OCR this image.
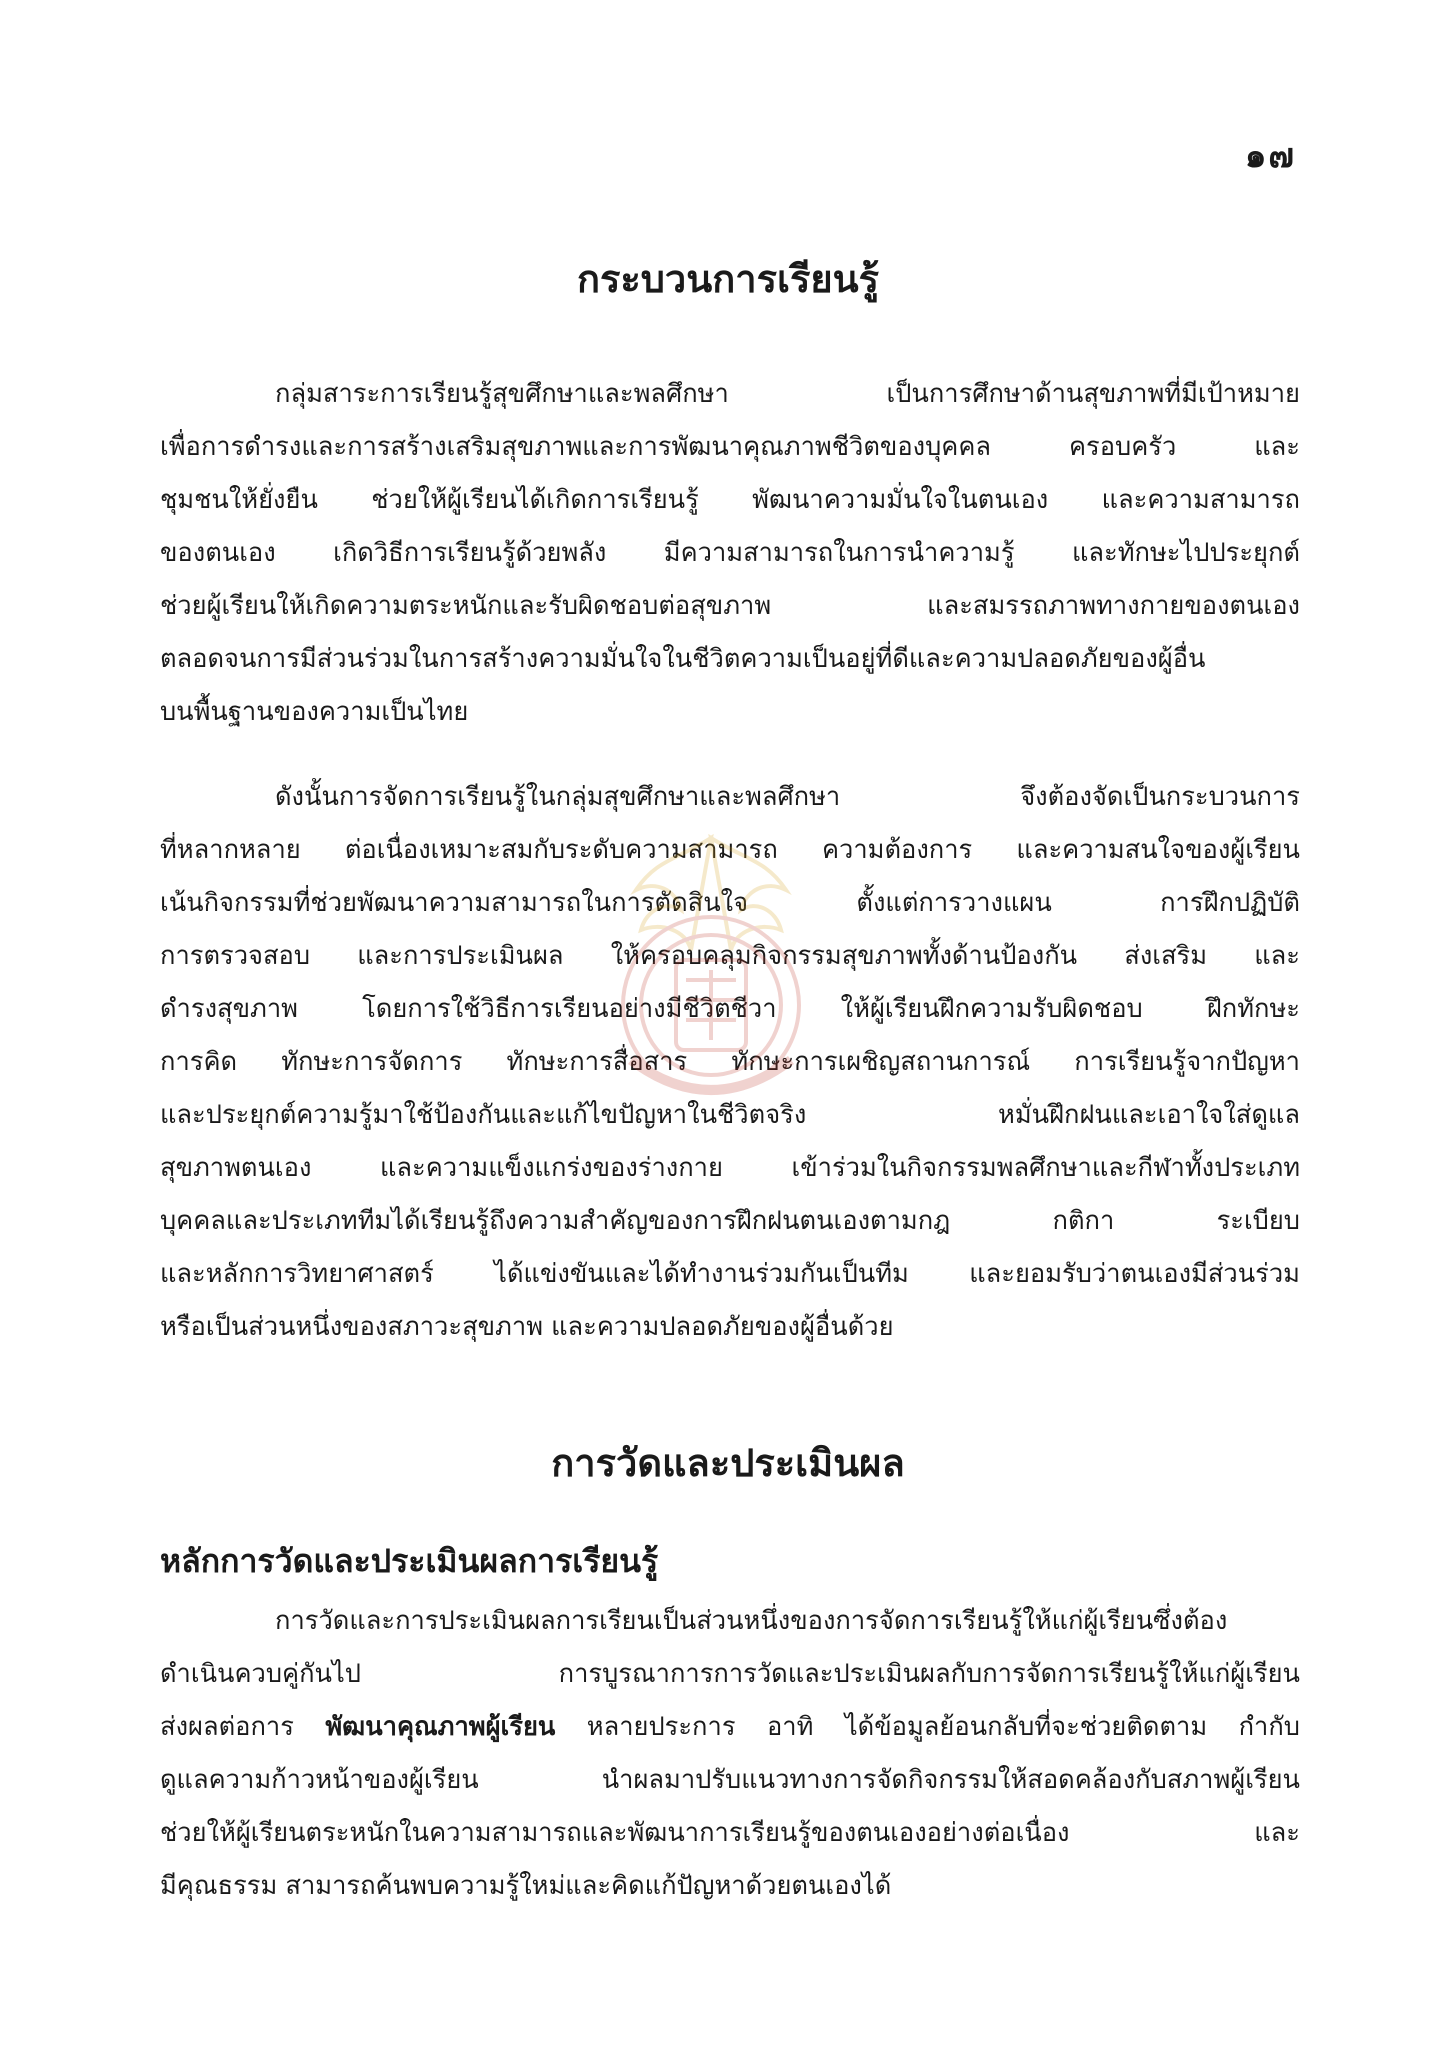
๑๗
กระบวนการเรียนรู้
กลุ่มสาระการเรียนรู้สุขศึกษาและพลศึกษา เป็นการศึกษาด้านสุขภาพที่มีเป้าหมาย
เพื่อการดำรงและการสร้างเสริมสุขภาพและการพัฒนาคุณภาพชีวิตของบุคคล ครอบครัว และ
ชุมชนให้ยั่งยืน ช่วยให้ผู้เรียนได้เกิดการเรียนรู้ พัฒนาความมั่นใจในตนเอง และความสามารถ
ของตนเอง เกิดวิธีการเรียนรู้ด้วยพลัง มีความสามารถในการนำความรู้ และทักษะไปประยุกต์
ช่วยผู้เรียนให้เกิดความตระหนักและรับผิดชอบต่อสุขภาพ และสมรรถภาพทางกายของตนเอง
ตลอดจนการมีส่วนร่วมในการสร้างความมั่นใจในชีวิตความเป็นอยู่ที่ดีและความปลอดภัยของผู้อื่น
บนพื้นฐานของความเป็นไทย
ดังนั้นการจัดการเรียนรู้ในกลุ่มสุขศึกษาและพลศึกษา จึงต้องจัดเป็นกระบวนการ
ที่หลากหลาย ต่อเนื่องเหมาะสมกับระดับความสามารถ ความต้องการ และความสนใจของผู้เรียน
เน้นกิจกรรมที่ช่วยพัฒนาความสามารถในการตัดสินใจ ตั้งแต่การวางแผน การฝึกปฏิบัติ
การตรวจสอบ และการประเมินผล ให้ครอบคลุมกิจกรรมสุขภาพทั้งด้านป้องกัน ส่งเสริม และ
ดำรงสุขภาพ โดยการใช้วิธีการเรียนอย่างมีชีวิตชีวา ให้ผู้เรียนฝึกความรับผิดชอบ ฝึกทักษะ
การคิด ทักษะการจัดการ ทักษะการสื่อสาร ทักษะการเผชิญสถานการณ์ การเรียนรู้จากปัญหา
และประยุกต์ความรู้มาใช้ป้องกันและแก้ไขปัญหาในชีวิตจริง หมั่นฝึกฝนและเอาใจใส่ดูแล
สุขภาพตนเอง และความแข็งแกร่งของร่างกาย เข้าร่วมในกิจกรรมพลศึกษาและกีฬาทั้งประเภท
บุคคลและประเภททีมได้เรียนรู้ถึงความสำคัญของการฝึกฝนตนเองตามกฎ กติกา ระเบียบ
และหลักการวิทยาศาสตร์ ได้แข่งขันและได้ทำงานร่วมกันเป็นทีม และยอมรับว่าตนเองมีส่วนร่วม
หรือเป็นส่วนหนึ่งของสภาวะสุขภาพ และความปลอดภัยของผู้อื่นด้วย
การวัดและประเมินผล
หลักการวัดและประเมินผลการเรียนรู้
การวัดและการประเมินผลการเรียนเป็นส่วนหนึ่งของการจัดการเรียนรู้ให้แก่ผู้เรียนซึ่งต้อง
ดำเนินควบคู่กันไป การบูรณาการการวัดและประเมินผลกับการจัดการเรียนรู้ให้แก่ผู้เรียน
ส่งผลต่อการ พัฒนาคุณภาพผู้เรียน หลายประการ อาทิ ได้ข้อมูลย้อนกลับที่จะช่วยติดตาม กำกับ
ดูแลความก้าวหน้าของผู้เรียน นำผลมาปรับแนวทางการจัดกิจกรรมให้สอดคล้องกับสภาพผู้เรียน
ช่วยให้ผู้เรียนตระหนักในความสามารถและพัฒนาการเรียนรู้ของตนเองอย่างต่อเนื่อง และ
มีคุณธรรม สามารถค้นพบความรู้ใหม่และคิดแก้ปัญหาด้วยตนเองได้
